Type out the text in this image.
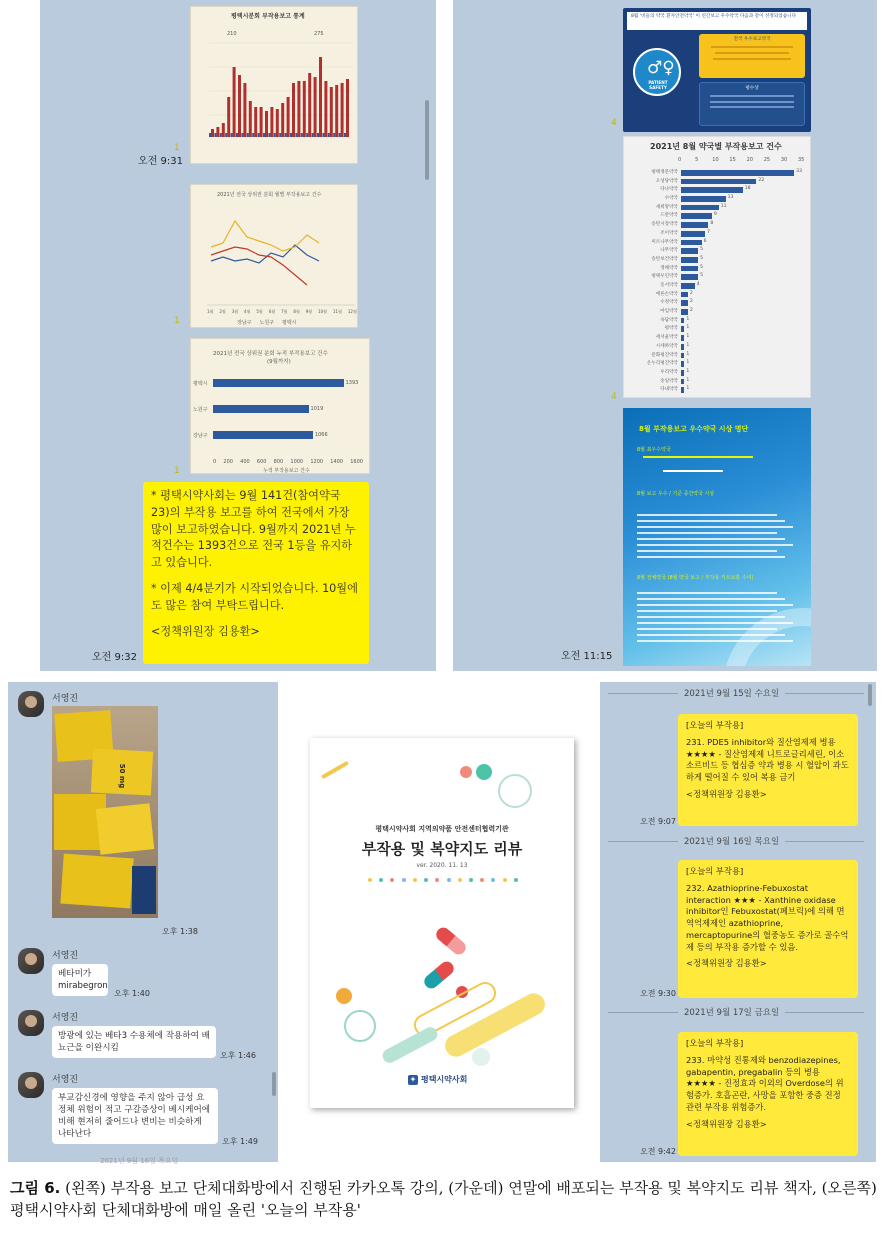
평택시분회 부작용보고 통계
210	275
1
오전 9:31
2021년 전국 상위권 분회 월별 부작용보고 건수
1월 2월 3월 4월 5월 6월 7월 8월 9월 10월 11월 12월
장남구 노원구 평택시
1
2021년 전국 상위권 분회 누적 부작용보고 건수
(9월까지)
평택시	1393
노원구	1019
강남구	1066
0 200 400 600 800 1000 1200 1400 1600
누적 부작용보고 건수
1

* 평택시약사회는 9월 141건(참여약국 23)의 부작용 보고를 하여 전국에서 가장 많이 보고하였습니다. 9월까지 2021년 누적건수는 1393건으로 전국 1등을 유지하고 있습니다.

* 이제 4/4분기가 시작되었습니다. 10월에도 많은 참여 부탁드립니다.

<정책위원장 김용환>

오전 9:32
8월 '비들의 약국 환자안전약국' 이 연간보고 우수약국 다음과 같이 선정되었습니다
♂♀
PATIENT SAFETY
전국 우수보고약국
평수상
4
2021년 8월 약국별 부작용보고 건수
0	5	10 15 20 25 30 35
평택정문약국	33
오성당약국	22
다나약국	18
수약국	13
새희망약국	11
드란약국	9
송탄시장약국	8
조이약국	7
미르나무약국	6
나무약국	5
송탄보건약국	5
정해약국	5
평택우린약국	5
동서약국	4
에른손약국	2
수정약국	2
마임약국	2
속담약국 1
평약국 1
세서울약국 1
시세하약국 1
문화평진약국 1
온누리평진약국 1
우리약국 1
송일약국 1
다내약국 1
4
8월 부작용보고 우수약국 시상 명단
8월 최우수약국
8월 보고 우수 / 기준 중간약국 시상
8월 전체약국 (8월 약국 보고 / 부작용 키트보충 수여)
오전 11:15
서영진
50 mg
오후 1:38
서영진
베타미가 mirabegron
오후 1:40
서영진
방광에 있는 베타3 수용체에 작용하여 배뇨근을 이완시킴
오후 1:46
서영진
부교감신경에 영향을 주지 않아 급성 요정체 위험이 적고 구갈증상이 베시케어에 비해 현저히 줄어드나 변비는 비슷하게 나타난다
오후 1:49
2021년 9월 16일 목요일
평택시약사회 지역의약품 안전센터협력기관
부작용 및 복약지도 리뷰
ver. 2020. 11. 13
✦ 평택시약사회
2021년 9월 15일 수요일

[오늘의 부작용]

231. PDE5 inhibitor와 질산염제제 병용 ★★★★ - 질산염제제 니트로글리세린, 이소소르비드 등 협심증 약과 병용 시 혈압이 과도하게 떨어질 수 있어 복용 금기

<정책위원장 김용환>

오전 9:07
2021년 9월 16일 목요일

[오늘의 부작용]

232. Azathioprine-Febuxostat interaction ★★★ - Xanthine oxidase inhibitor인 Febuxostat(페브릭)에 의해 면역억제제인 azathioprine, mercaptopurine의 혈중농도 증가로 골수억제 등의 부작용 증가할 수 있음.

<정책위원장 김용환>

오전 9:30
2021년 9월 17일 금요일

[오늘의 부작용]

233. 마약성 진통제와 benzodiazepines, gabapentin, pregabalin 등의 병용 ★★★★ - 진정효과 이외의 Overdose의 위험증가. 호흡곤란, 사망을 포함한 중증 진정 관련 부작용 위험증가.

<정책위원장 김용환>

오전 9:42
그림 6. (왼쪽) 부작용 보고 단체대화방에서 진행된 카카오톡 강의, (가운데) 연말에 배포되는 부작용 및 복약지도 리뷰 책자, (오른쪽) 평택시약사회 단체대화방에 매일 올린 '오늘의 부작용'
